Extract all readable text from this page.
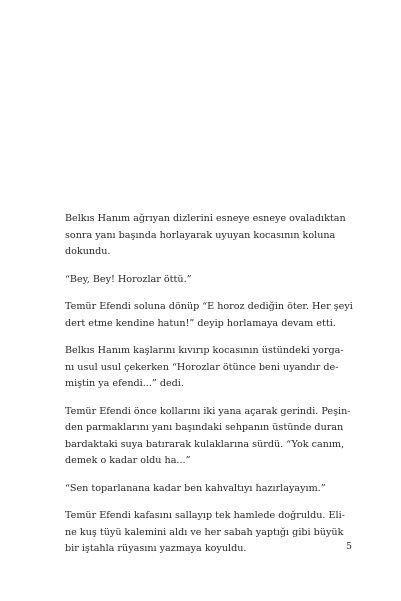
Belkıs Hanım ağrıyan dizlerini esneye esneye ovaladıktan
sonra yanı başında horlayarak uyuyan kocasının koluna
dokundu.

“Bey, Bey! Horozlar öttü.”

Temür Efendi soluna dönüp “E horoz dediğin öter. Her şeyi
dert etme kendine hatun!” deyip horlamaya devam etti.

Belkıs Hanım kaşlarını kıvırıp kocasının üstündeki yorga-
nı usul usul çekerken “Horozlar ötünce beni uyandır de-
miştin ya efendi...” dedi.

Temür Efendi önce kollarını iki yana açarak gerindi. Peşin-
den parmaklarını yanı başındaki sehpanın üstünde duran
bardaktaki suya batırarak kulaklarına sürdü. “Yok canım,
demek o kadar oldu ha...”

“Sen toparlanana kadar ben kahvaltıyı hazırlayayım.”

Temür Efendi kafasını sallayıp tek hamlede doğruldu. Eli-
ne kuş tüyü kalemini aldı ve her sabah yaptığı gibi büyük
bir iştahla rüyasını yazmaya koyuldu.	5
